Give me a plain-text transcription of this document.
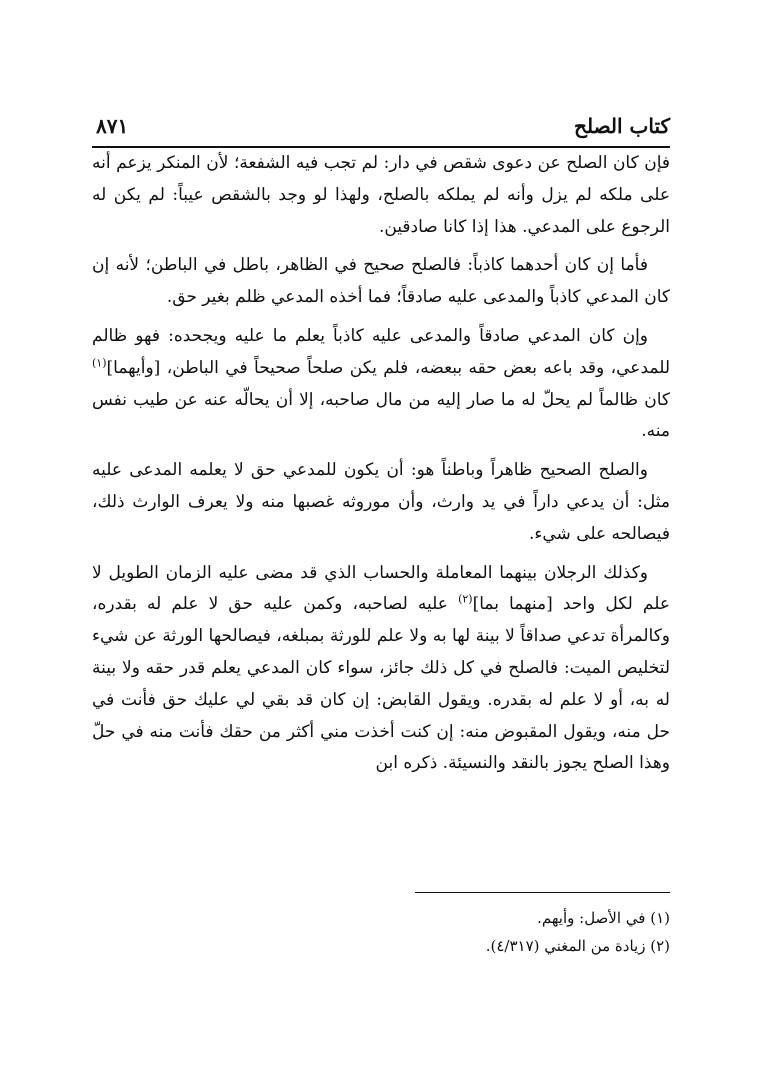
كتاب الصلح
٨٧١

فإن كان الصلح عن دعوى شقص في دار: لم تجب فيه الشفعة؛ لأن المنكر يزعم أنه على ملكه لم يزل وأنه لم يملكه بالصلح، ولهذا لو وجد بالشقص عيباً: لم يكن له الرجوع على المدعي. هذا إذا كانا صادقين.

فأما إن كان أحدهما كاذباً: فالصلح صحيح في الظاهر، باطل في الباطن؛ لأنه إن كان المدعي كاذباً والمدعى عليه صادقاً؛ فما أخذه المدعي ظلم بغير حق.

وإن كان المدعي صادقاً والمدعى عليه كاذباً يعلم ما عليه ويجحده: فهو ظالم للمدعي، وقد باعه بعض حقه ببعضه، فلم يكن صلحاً صحيحاً في الباطن، [وأيهما]$^{(١)}$ كان ظالماً لم يحلّ له ما صار إليه من مال صاحبه، إلا أن يحالّه عنه عن طيب نفس منه.

والصلح الصحيح ظاهراً وباطناً هو: أن يكون للمدعي حق لا يعلمه المدعى عليه مثل: أن يدعي داراً في يد وارث، وأن موروثه غصبها منه ولا يعرف الوارث ذلك، فيصالحه على شيء.

وكذلك الرجلان بينهما المعاملة والحساب الذي قد مضى عليه الزمان الطويل لا علم لكل واحد [منهما بما]$^{(٢)}$ عليه لصاحبه، وكمن عليه حق لا علم له بقدره، وكالمرأة تدعي صداقاً لا بينة لها به ولا علم للورثة بمبلغه، فيصالحها الورثة عن شيء لتخليص الميت: فالصلح في كل ذلك جائز، سواء كان المدعي يعلم قدر حقه ولا بينة له به، أو لا علم له بقدره. ويقول القابض: إن كان قد بقي لي عليك حق فأنت في حل منه، ويقول المقبوض منه: إن كنت أخذت مني أكثر من حقك فأنت منه في حلّ وهذا الصلح يجوز بالنقد والنسيئة. ذكره ابن

(١) في الأصل: وأيهم.
(٢) زيادة من المغني (٤/٣١٧).
